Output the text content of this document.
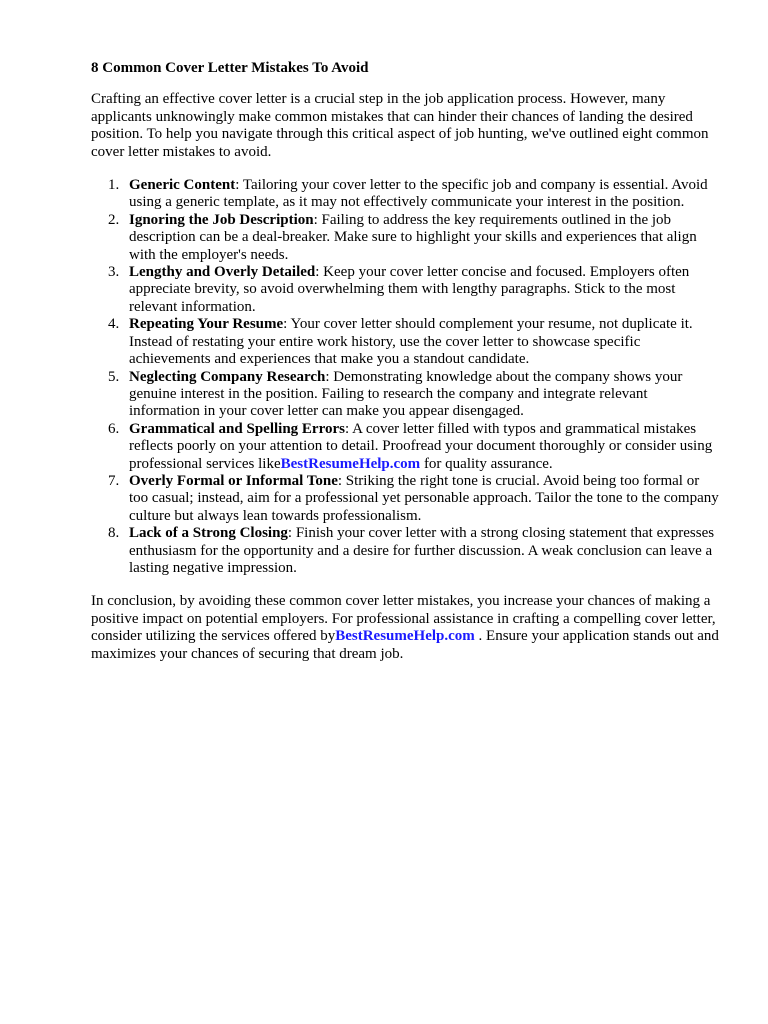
8 Common Cover Letter Mistakes To Avoid

Crafting an effective cover letter is a crucial step in the job application process. However, many applicants unknowingly make common mistakes that can hinder their chances of landing the desired position. To help you navigate through this critical aspect of job hunting, we've outlined eight common cover letter mistakes to avoid.

1. Generic Content: Tailoring your cover letter to the specific job and company is essential. Avoid using a generic template, as it may not effectively communicate your interest in the position.
2. Ignoring the Job Description: Failing to address the key requirements outlined in the job description can be a deal-breaker. Make sure to highlight your skills and experiences that align with the employer's needs.
3. Lengthy and Overly Detailed: Keep your cover letter concise and focused. Employers often appreciate brevity, so avoid overwhelming them with lengthy paragraphs. Stick to the most relevant information.
4. Repeating Your Resume: Your cover letter should complement your resume, not duplicate it. Instead of restating your entire work history, use the cover letter to showcase specific achievements and experiences that make you a standout candidate.
5. Neglecting Company Research: Demonstrating knowledge about the company shows your genuine interest in the position. Failing to research the company and integrate relevant information in your cover letter can make you appear disengaged.
6. Grammatical and Spelling Errors: A cover letter filled with typos and grammatical mistakes reflects poorly on your attention to detail. Proofread your document thoroughly or consider using professional services likeBestResumeHelp.com for quality assurance.
7. Overly Formal or Informal Tone: Striking the right tone is crucial. Avoid being too formal or too casual; instead, aim for a professional yet personable approach. Tailor the tone to the company culture but always lean towards professionalism.
8. Lack of a Strong Closing: Finish your cover letter with a strong closing statement that expresses enthusiasm for the opportunity and a desire for further discussion. A weak conclusion can leave a lasting negative impression.

In conclusion, by avoiding these common cover letter mistakes, you increase your chances of making a positive impact on potential employers. For professional assistance in crafting a compelling cover letter, consider utilizing the services offered byBestResumeHelp.com . Ensure your application stands out and maximizes your chances of securing that dream job.
